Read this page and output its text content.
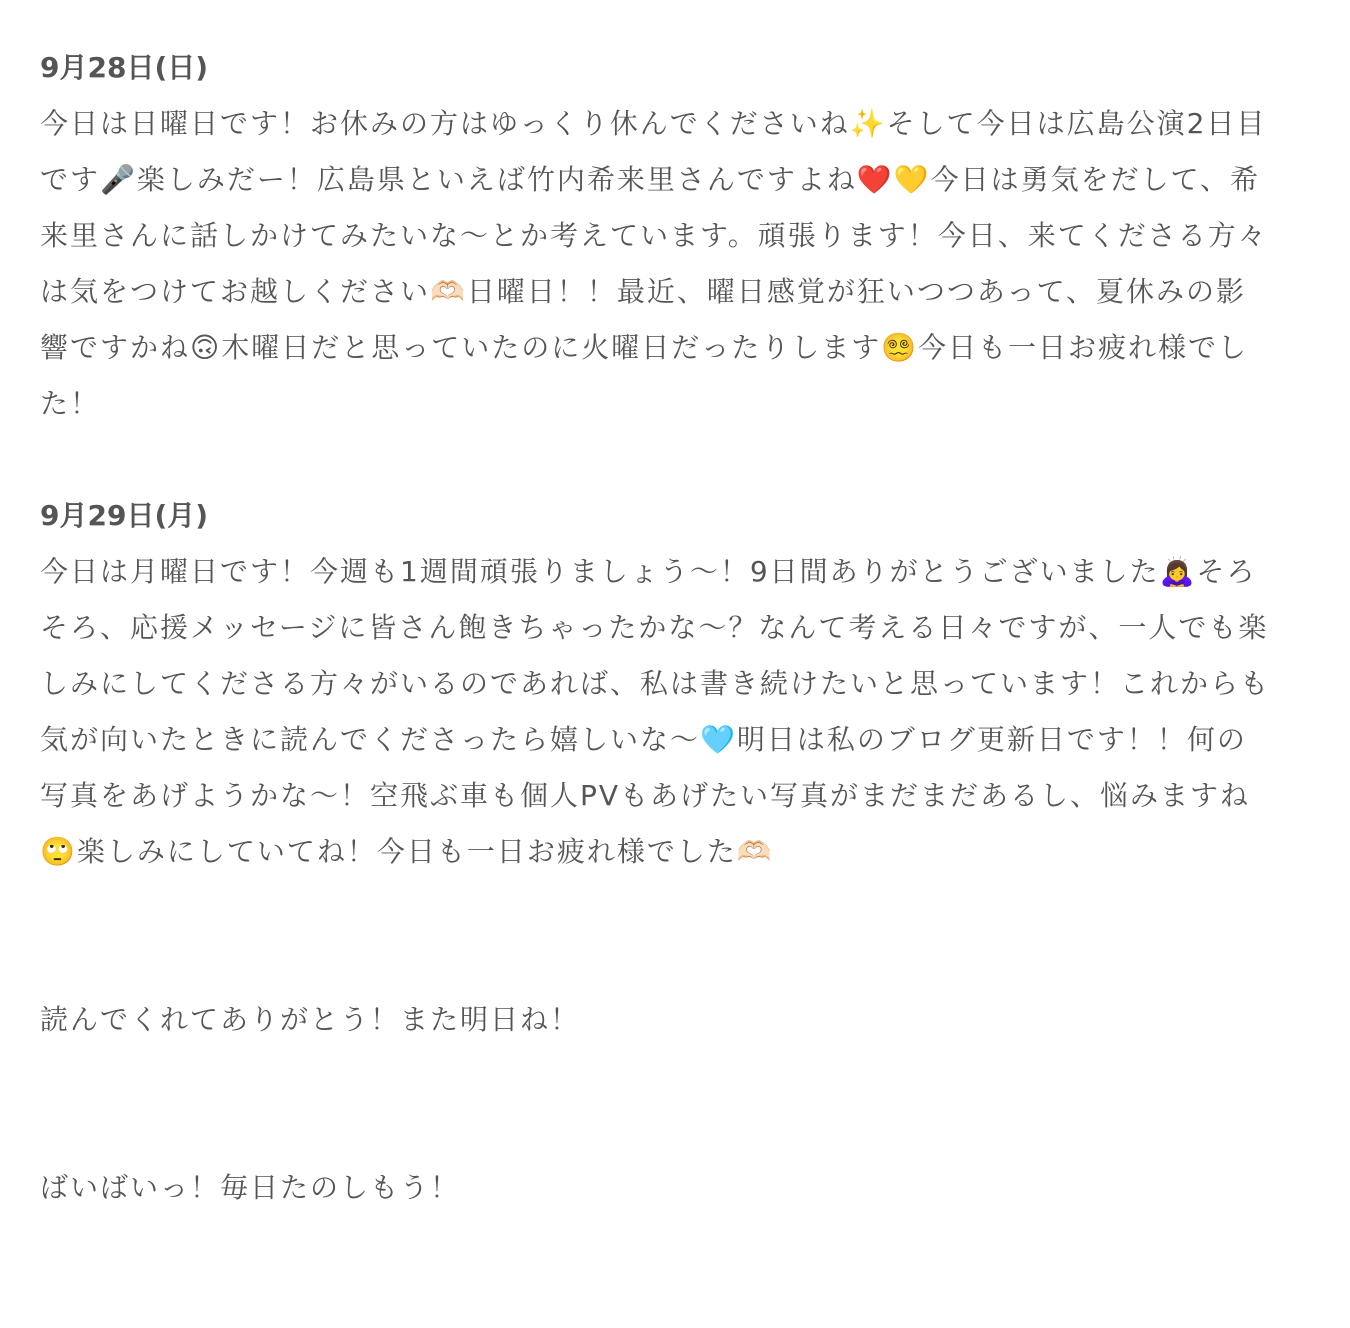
9月28日(日)

今日は日曜日です！お休みの方はゆっくり休んでくださいね✨そして今日は広島公演2日目です🎤楽しみだー！広島県といえば竹内希来里さんですよね❤️💛今日は勇気をだして、希来里さんに話しかけてみたいな〜とか考えています。頑張ります！今日、来てくださる方々は気をつけてお越しください🫶🏻日曜日！！最近、曜日感覚が狂いつつあって、夏休みの影響ですかね🙃木曜日だと思っていたのに火曜日だったりします😵‍💫今日も一日お疲れ様でした！

9月29日(月)

今日は月曜日です！今週も1週間頑張りましょう〜！9日間ありがとうございました🙇‍♀️そろそろ、応援メッセージに皆さん飽きちゃったかな〜？なんて考える日々ですが、一人でも楽しみにしてくださる方々がいるのであれば、私は書き続けたいと思っています！これからも気が向いたときに読んでくださったら嬉しいな〜🩵明日は私のブログ更新日です！！何の写真をあげようかな〜！空飛ぶ車も個人PVもあげたい写真がまだまだあるし、悩みますね🙄楽しみにしていてね！今日も一日お疲れ様でした🫶🏻

読んでくれてありがとう！また明日ね！

ばいばいっ！毎日たのしもう！
